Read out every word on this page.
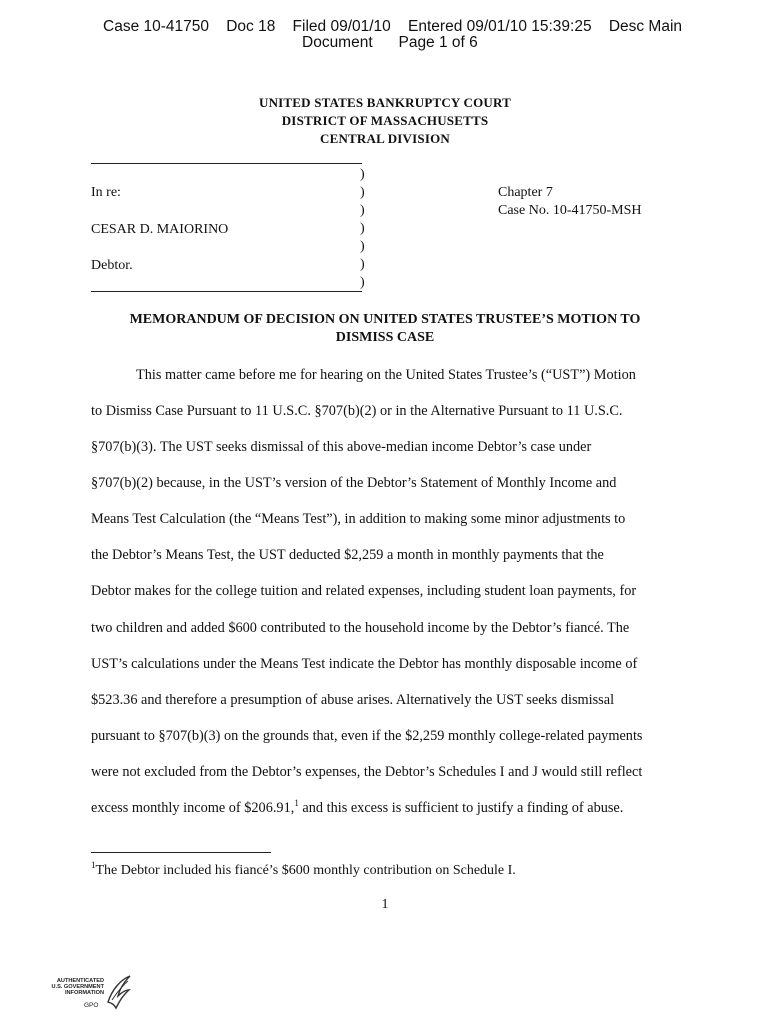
Case 10-41750    Doc 18    Filed 09/01/10    Entered 09/01/10 15:39:25    Desc Main
Document      Page 1 of 6
UNITED STATES BANKRUPTCY COURT
DISTRICT OF MASSACHUSETTS
CENTRAL DIVISION
)
)
)
)
)
)
)
In re:
CESAR D. MAIORINO
Debtor.
Chapter 7
Case No. 10-41750-MSH
MEMORANDUM OF DECISION ON UNITED STATES TRUSTEE’S MOTION TO
DISMISS CASE
This matter came before me for hearing on the United States Trustee’s (“UST”) Motion
to Dismiss Case Pursuant to 11 U.S.C. §707(b)(2) or in the Alternative Pursuant to 11 U.S.C.
§707(b)(3). The UST seeks dismissal of this above-median income Debtor’s case under
§707(b)(2) because, in the UST’s version of the Debtor’s Statement of Monthly Income and
Means Test Calculation (the “Means Test”), in addition to making some minor adjustments to
the Debtor’s Means Test, the UST deducted $2,259 a month in monthly payments that the
Debtor makes for the college tuition and related expenses, including student loan payments, for
two children and added $600 contributed to the household income by the Debtor’s fiancé. The
UST’s calculations under the Means Test indicate the Debtor has monthly disposable income of
$523.36 and therefore a presumption of abuse arises. Alternatively the UST seeks dismissal
pursuant to §707(b)(3) on the grounds that, even if the $2,259 monthly college-related payments
were not excluded from the Debtor’s expenses, the Debtor’s Schedules I and J would still reflect
excess monthly income of $206.91,$^1$ and this excess is sufficient to justify a finding of abuse.
$^1$The Debtor included his fiancé’s $600 monthly contribution on Schedule I.
1
AUTHENTICATED
U.S. GOVERNMENT
INFORMATION
GPO
